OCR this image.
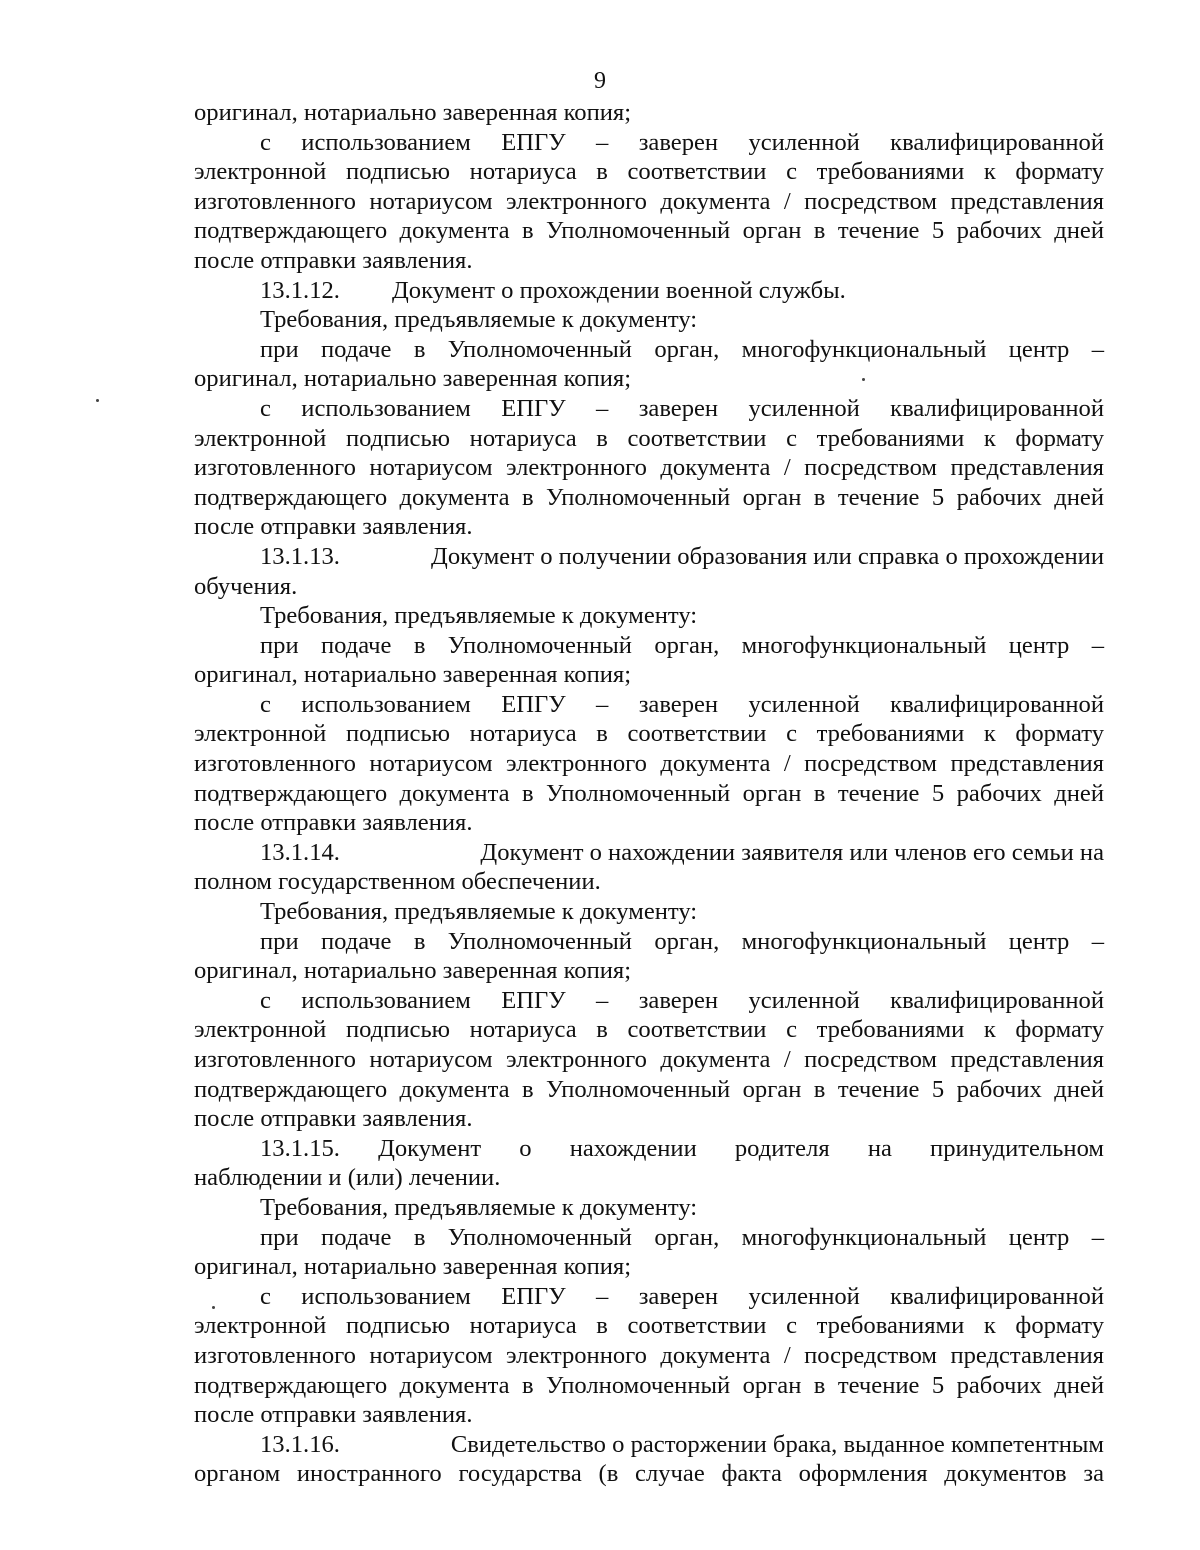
9
оригинал, нотариально заверенная копия;
с использованием ЕПГУ – заверен усиленной квалифицированной
электронной подписью нотариуса в соответствии с требованиями к формату
изготовленного нотариусом электронного документа / посредством представления
подтверждающего документа в Уполномоченный орган в течение 5 рабочих дней
после отправки заявления.
13.1.12. Документ о прохождении военной службы.
Требования, предъявляемые к документу:
при подаче в Уполномоченный орган, многофункциональный центр –
оригинал, нотариально заверенная копия;
с использованием ЕПГУ – заверен усиленной квалифицированной
электронной подписью нотариуса в соответствии с требованиями к формату
изготовленного нотариусом электронного документа / посредством представления
подтверждающего документа в Уполномоченный орган в течение 5 рабочих дней
после отправки заявления.
13.1.13.	Документ о получении образования или справка о прохождении
обучения.
Требования, предъявляемые к документу:
при подаче в Уполномоченный орган, многофункциональный центр –
оригинал, нотариально заверенная копия;
с использованием ЕПГУ – заверен усиленной квалифицированной
электронной подписью нотариуса в соответствии с требованиями к формату
изготовленного нотариусом электронного документа / посредством представления
подтверждающего документа в Уполномоченный орган в течение 5 рабочих дней
после отправки заявления.
13.1.14.	Документ о нахождении заявителя или членов его семьи на
полном государственном обеспечении.
Требования, предъявляемые к документу:
при подаче в Уполномоченный орган, многофункциональный центр –
оригинал, нотариально заверенная копия;
с использованием ЕПГУ – заверен усиленной квалифицированной
электронной подписью нотариуса в соответствии с требованиями к формату
изготовленного нотариусом электронного документа / посредством представления
подтверждающего документа в Уполномоченный орган в течение 5 рабочих дней
после отправки заявления.
13.1.15. Документ о нахождении родителя на принудительном
наблюдении и (или) лечении.
Требования, предъявляемые к документу:
при подаче в Уполномоченный орган, многофункциональный центр –
оригинал, нотариально заверенная копия;
с использованием ЕПГУ – заверен усиленной квалифицированной
электронной подписью нотариуса в соответствии с требованиями к формату
изготовленного нотариусом электронного документа / посредством представления
подтверждающего документа в Уполномоченный орган в течение 5 рабочих дней
после отправки заявления.
13.1.16.	Свидетельство о расторжении брака, выданное компетентным
органом иностранного государства (в случае факта оформления документов за
